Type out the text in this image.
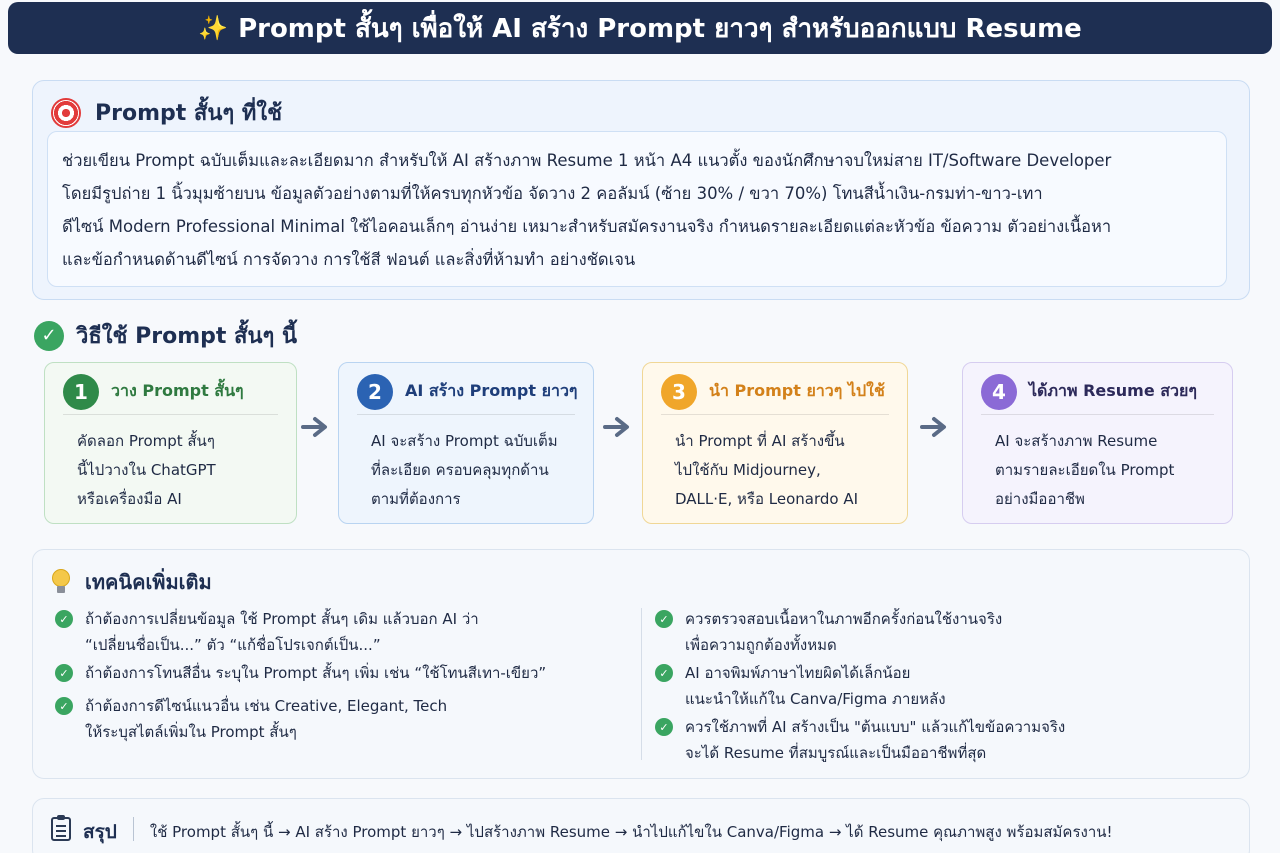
✨ Prompt สั้นๆ เพื่อให้ AI สร้าง Prompt ยาวๆ สำหรับออกแบบ Resume
Prompt สั้นๆ ที่ใช้
ช่วยเขียน Prompt ฉบับเต็มและละเอียดมาก สำหรับให้ AI สร้างภาพ Resume 1 หน้า A4 แนวตั้ง ของนักศึกษาจบใหม่สาย IT/Software Developer
โดยมีรูปถ่าย 1 นิ้วมุมซ้ายบน ข้อมูลตัวอย่างตามที่ให้ครบทุกหัวข้อ จัดวาง 2 คอลัมน์ (ซ้าย 30% / ขวา 70%) โทนสีน้ำเงิน-กรมท่า-ขาว-เทา
ดีไซน์ Modern Professional Minimal ใช้ไอคอนเล็กๆ อ่านง่าย เหมาะสำหรับสมัครงานจริง กำหนดรายละเอียดแต่ละหัวข้อ ข้อความ ตัวอย่างเนื้อหา
และข้อกำหนดด้านดีไซน์ การจัดวาง การใช้สี ฟอนต์ และสิ่งที่ห้ามทำ อย่างชัดเจน
✓ วิธีใช้ Prompt สั้นๆ นี้
1	วาง Prompt สั้นๆ
คัดลอก Prompt สั้นๆ
นี้ไปวางใน ChatGPT
หรือเครื่องมือ AI
2	AI สร้าง Prompt ยาวๆ
AI จะสร้าง Prompt ฉบับเต็ม
ที่ละเอียด ครอบคลุมทุกด้าน
ตามที่ต้องการ
3	นำ Prompt ยาวๆ ไปใช้
นำ Prompt ที่ AI สร้างขึ้น
ไปใช้กับ Midjourney,
DALL·E, หรือ Leonardo AI
4	ได้ภาพ Resume สวยๆ
AI จะสร้างภาพ Resume
ตามรายละเอียดใน Prompt
อย่างมืออาชีพ
เทคนิคเพิ่มเติม
✓ ถ้าต้องการเปลี่ยนข้อมูล ใช้ Prompt สั้นๆ เดิม แล้วบอก AI ว่า
“เปลี่ยนชื่อเป็น...” ตัว “แก้ชื่อโปรเจกต์เป็น...”
✓ ถ้าต้องการโทนสีอื่น ระบุใน Prompt สั้นๆ เพิ่ม เช่น “ใช้โทนสีเทา-เขียว”
✓ ถ้าต้องการดีไซน์แนวอื่น เช่น Creative, Elegant, Tech
ให้ระบุสไตล์เพิ่มใน Prompt สั้นๆ
✓ ควรตรวจสอบเนื้อหาในภาพอีกครั้งก่อนใช้งานจริง
เพื่อความถูกต้องทั้งหมด
✓ AI อาจพิมพ์ภาษาไทยผิดได้เล็กน้อย
แนะนำให้แก้ใน Canva/Figma ภายหลัง
✓ ควรใช้ภาพที่ AI สร้างเป็น "ต้นแบบ" แล้วแก้ไขข้อความจริง
จะได้ Resume ที่สมบูรณ์และเป็นมืออาชีพที่สุด
สรุป ใช้ Prompt สั้นๆ นี้ → AI สร้าง Prompt ยาวๆ → ไปสร้างภาพ Resume → นำไปแก้ไขใน Canva/Figma → ได้ Resume คุณภาพสูง พร้อมสมัครงาน!
